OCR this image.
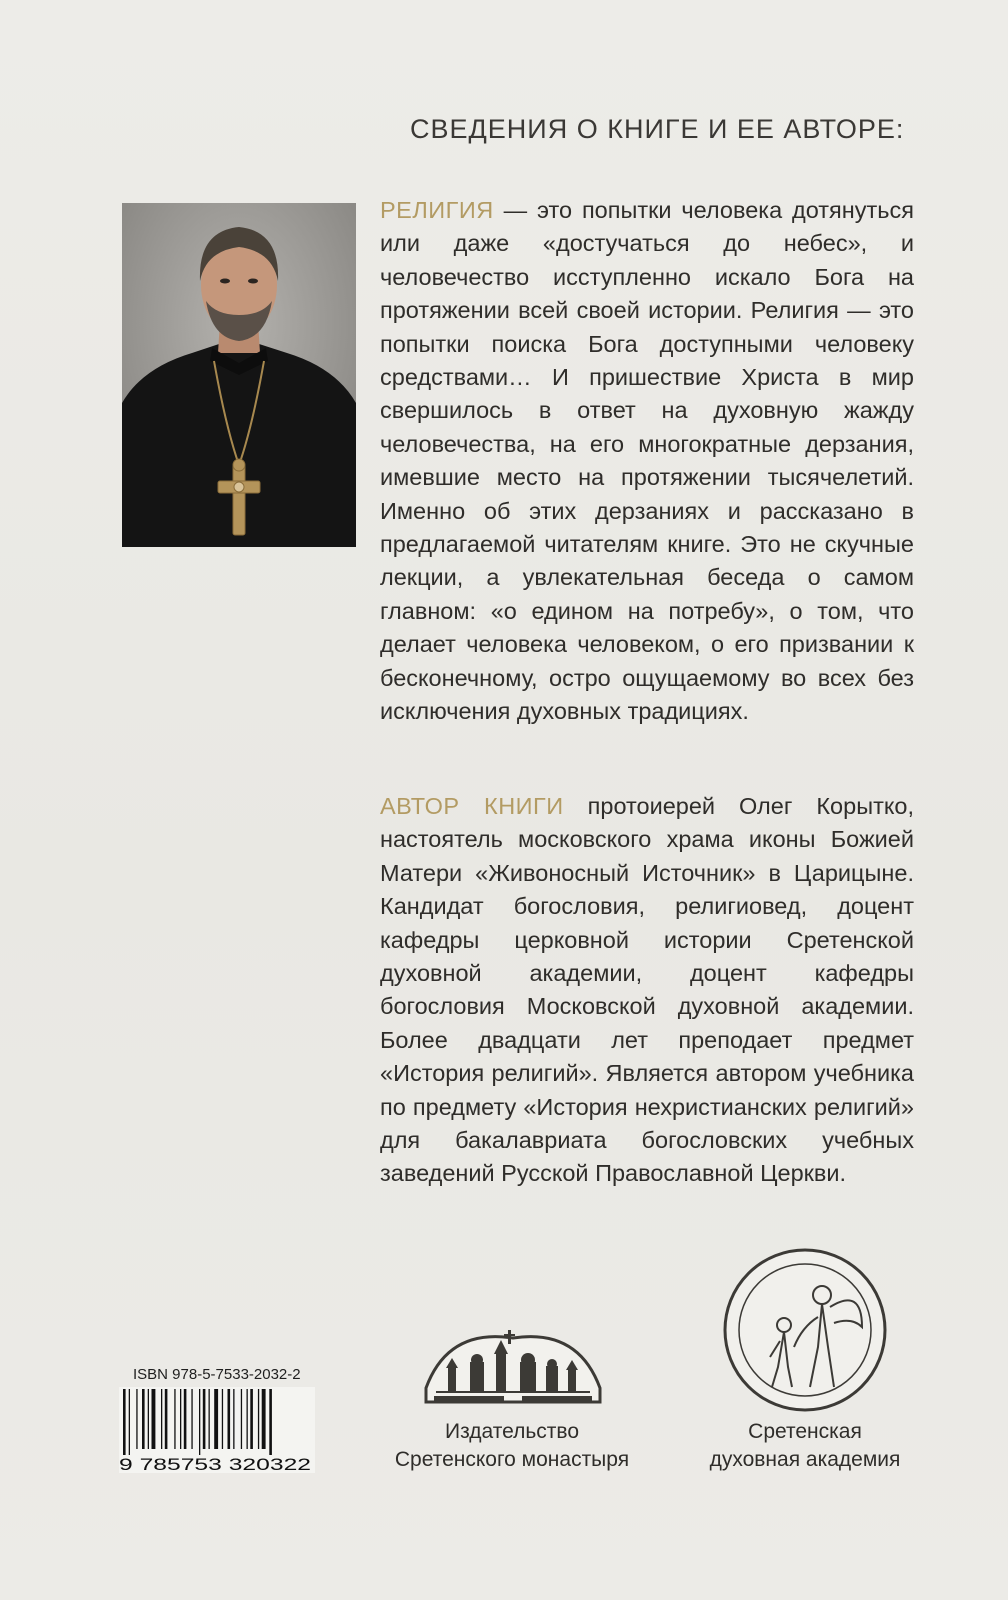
СВЕДЕНИЯ О КНИГЕ И ЕЕ АВТОРЕ:
РЕЛИГИЯ — это попытки человека дотянуться или даже «достучаться до небес», и человечество исступленно искало Бога на протяжении всей своей истории. Религия — это попытки поиска Бога доступными человеку средствами… И пришествие Христа в мир свершилось в ответ на духовную жажду человечества, на его многократные дерзания, имевшие место на протяжении тысячелетий. Именно об этих дерзаниях и рассказано в предлагаемой читателям книге. Это не скучные лекции, а увлекательная беседа о самом главном: «о едином на потребу», о том, что делает человека человеком, о его призвании к бесконечному, остро ощущаемому во всех без исключения духовных традициях.
АВТОР КНИГИ протоиерей Олег Корытко, настоятель московского храма иконы Божией Матери «Живоносный Источник» в Царицыне. Кандидат богословия, религиовед, доцент кафедры церковной истории Сретенской духовной академии, доцент кафедры богословия Московской духовной академии. Более двадцати лет преподает предмет «История религий». Является автором учебника по предмету «История нехристианских религий» для бакалавриата богословских учебных заведений Русской Православной Церкви.
ISBN 978-5-7533-2032-2
9 785753 320322
Издательство
Сретенского монастыря
Сретенская
духовная академия
